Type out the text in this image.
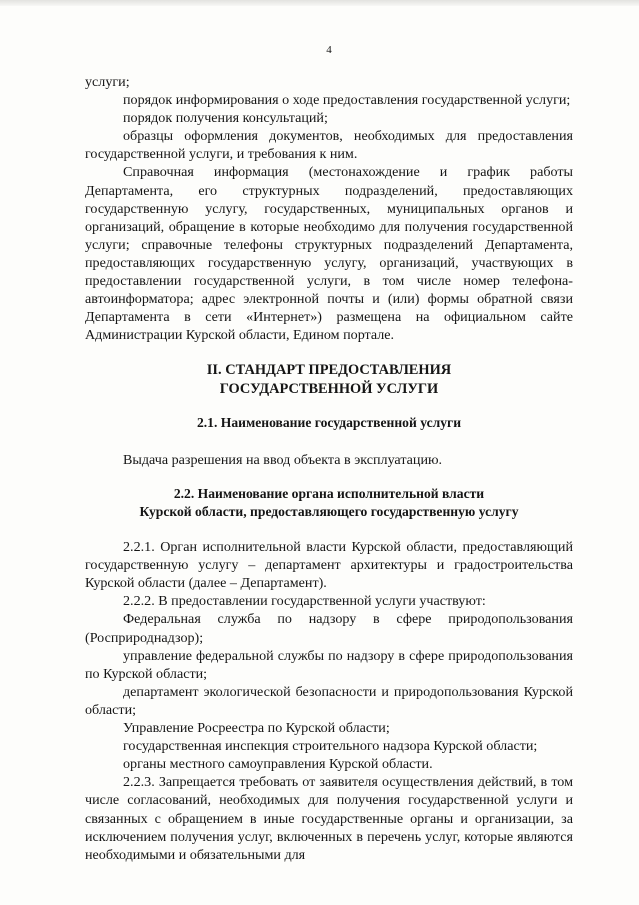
4

услуги;

порядок информирования о ходе предоставления государственной услуги;

порядок получения консультаций;

образцы оформления документов, необходимых для предоставления государственной услуги, и требования к ним.

Справочная информация (местонахождение и график работы Департамента, его структурных подразделений, предоставляющих государственную услугу, государственных, муниципальных органов и организаций, обращение в которые необходимо для получения государственной услуги; справочные телефоны структурных подразделений Департамента, предоставляющих государственную услугу, организаций, участвующих в предоставлении государственной услуги, в том числе номер телефона-автоинформатора; адрес электронной почты и (или) формы обратной связи Департамента в сети «Интернет») размещена на официальном сайте Администрации Курской области, Едином портале.

II. СТАНДАРТ ПРЕДОСТАВЛЕНИЯ
ГОСУДАРСТВЕННОЙ УСЛУГИ
2.1. Наименование государственной услуги

Выдача разрешения на ввод объекта в эксплуатацию.

2.2. Наименование органа исполнительной власти
Курской области, предоставляющего государственную услугу

2.2.1. Орган исполнительной власти Курской области, предоставляющий государственную услугу – департамент архитектуры и градостроительства Курской области (далее – Департамент).

2.2.2. В предоставлении государственной услуги участвуют:

Федеральная служба по надзору в сфере природопользования (Росприроднадзор);

управление федеральной службы по надзору в сфере природопользования по Курской области;

департамент экологической безопасности и природопользования Курской области;

Управление Росреестра по Курской области;

государственная инспекция строительного надзора Курской области;

органы местного самоуправления Курской области.

2.2.3. Запрещается требовать от заявителя осуществления действий, в том числе согласований, необходимых для получения государственной услуги и связанных с обращением в иные государственные органы и организации, за исключением получения услуг, включенных в перечень услуг, которые являются необходимыми и обязательными для
